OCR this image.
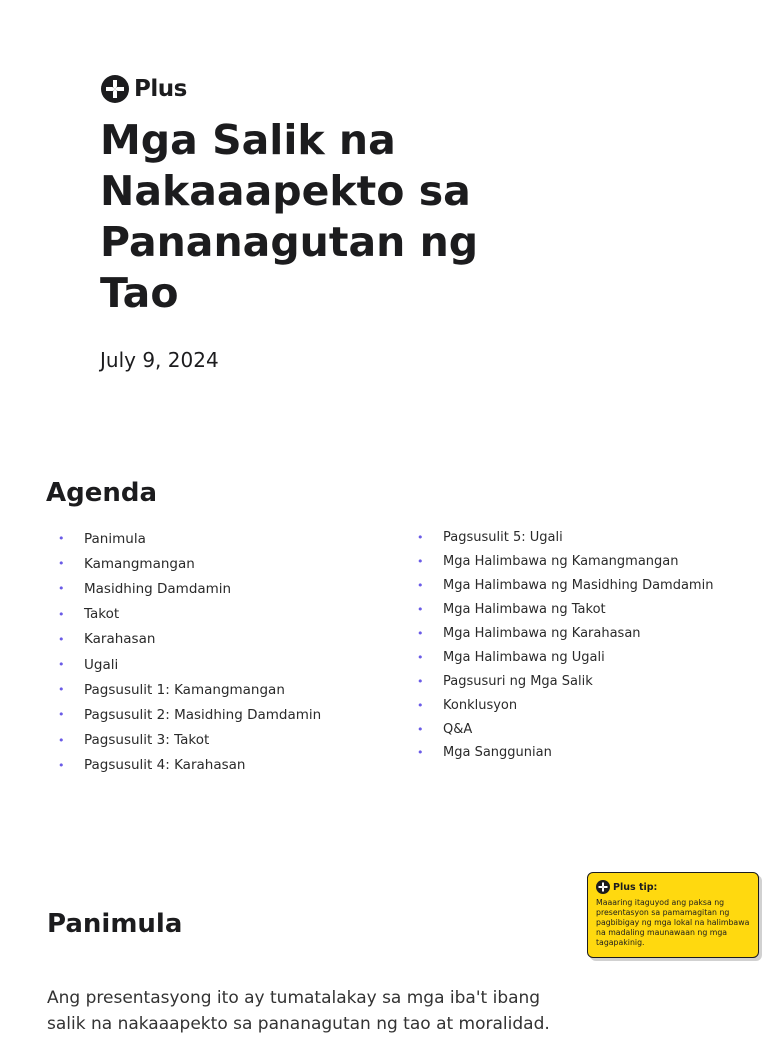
Plus
Mga Salik na Nakaaapekto sa Pananagutan ng Tao
July 9, 2024
Agenda
•	Panimula
•	Kamangmangan
•	Masidhing Damdamin
•	Takot
•	Karahasan
•	Ugali
•	Pagsusulit 1: Kamangmangan
•	Pagsusulit 2: Masidhing Damdamin
•	Pagsusulit 3: Takot
•	Pagsusulit 4: Karahasan
•	Pagsusulit 5: Ugali
•	Mga Halimbawa ng Kamangmangan
•	Mga Halimbawa ng Masidhing Damdamin
•	Mga Halimbawa ng Takot
•	Mga Halimbawa ng Karahasan
•	Mga Halimbawa ng Ugali
•	Pagsusuri ng Mga Salik
•	Konklusyon
•	Q&A
•	Mga Sanggunian
Plus tip:
Maaaring itaguyod ang paksa ng presentasyon sa pamamagitan ng pagbibigay ng mga lokal na halimbawa na madaling maunawaan ng mga tagapakinig.
Panimula

Ang presentasyong ito ay tumatalakay sa mga iba't ibang salik na nakaaapekto sa pananagutan ng tao at moralidad.
